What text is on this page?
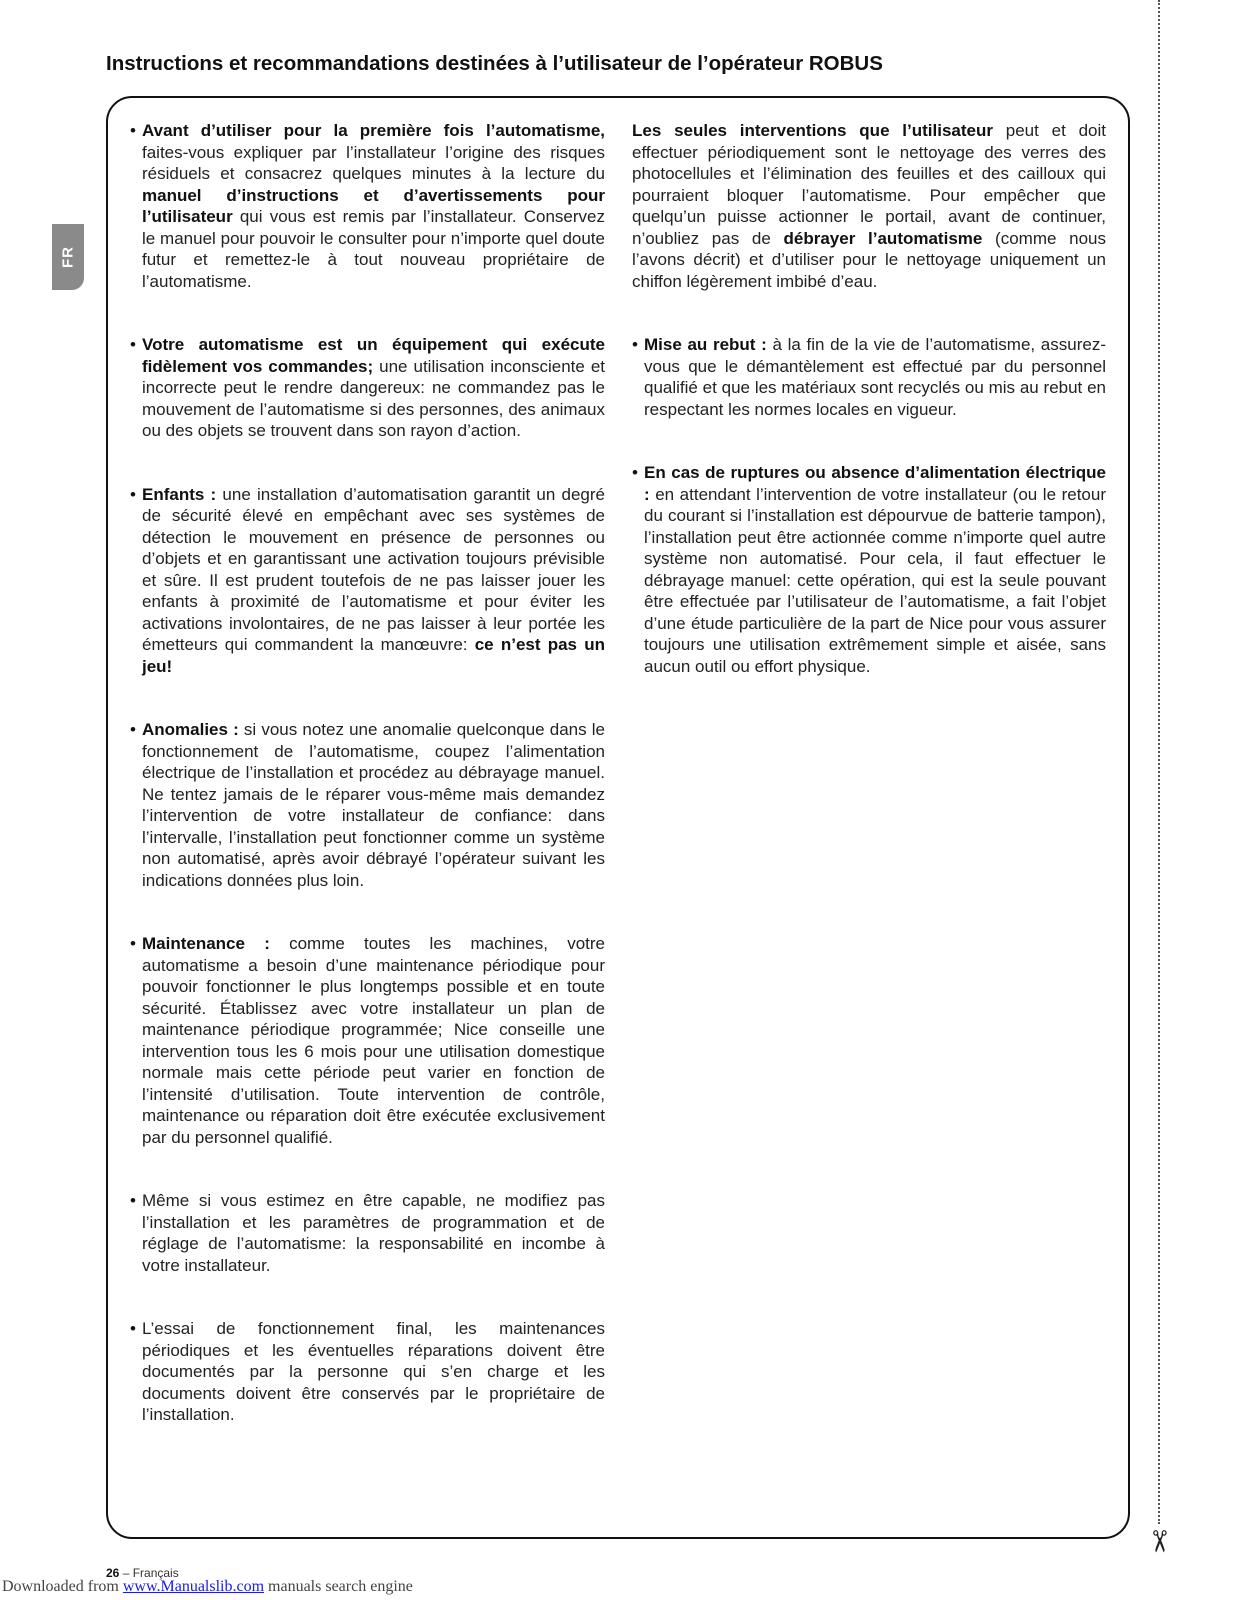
Instructions et recommandations destinées à l’utilisateur de l’opérateur ROBUS
FR

• Avant d’utiliser pour la première fois l’automatisme, faites-vous expliquer par l’installateur l’origine des risques résiduels et consacrez quelques minutes à la lecture du manuel d’instructions et d’avertissements pour l’utilisateur qui vous est remis par l’installateur. Conservez le manuel pour pouvoir le consulter pour n’importe quel doute futur et remettez-le à tout nouveau propriétaire de l’automatisme.

• Votre automatisme est un équipement qui exécute fidèlement vos commandes; une utilisation inconsciente et incorrecte peut le rendre dangereux: ne commandez pas le mouvement de l’automatisme si des personnes, des animaux ou des objets se trouvent dans son rayon d’action.

• Enfants : une installation d’automatisation garantit un degré de sécurité élevé en empêchant avec ses systèmes de détection le mouvement en présence de personnes ou d’objets et en garantissant une activation toujours prévisible et sûre. Il est prudent toutefois de ne pas laisser jouer les enfants à proximité de l’automatisme et pour éviter les activations involontaires, de ne pas laisser à leur portée les émetteurs qui commandent la manœuvre: ce n’est pas un jeu!

• Anomalies : si vous notez une anomalie quelconque dans le fonctionnement de l’automatisme, coupez l’alimentation électrique de l’installation et procédez au débrayage manuel. Ne tentez jamais de le réparer vous-même mais demandez l’intervention de votre installateur de confiance: dans l’intervalle, l’installation peut fonctionner comme un système non automatisé, après avoir débrayé l’opérateur suivant les indications données plus loin.

• Maintenance : comme toutes les machines, votre automatisme a besoin d’une maintenance périodique pour pouvoir fonctionner le plus longtemps possible et en toute sécurité. Établissez avec votre installateur un plan de maintenance périodique programmée; Nice conseille une intervention tous les 6 mois pour une utilisation domestique normale mais cette période peut varier en fonction de l’intensité d’utilisation. Toute intervention de contrôle, maintenance ou réparation doit être exécutée exclusivement par du personnel qualifié.

• Même si vous estimez en être capable, ne modifiez pas l’installation et les paramètres de programmation et de réglage de l’automatisme: la responsabilité en incombe à votre installateur.

• L’essai de fonctionnement final, les maintenances périodiques et les éventuelles réparations doivent être documentés par la personne qui s’en charge et les documents doivent être conservés par le propriétaire de l’installation.

Les seules interventions que l’utilisateur peut et doit effectuer périodiquement sont le nettoyage des verres des photocellules et l’élimination des feuilles et des cailloux qui pourraient bloquer l’automatisme. Pour empêcher que quelqu’un puisse actionner le portail, avant de continuer, n’oubliez pas de débrayer l’automatisme (comme nous l’avons décrit) et d’utiliser pour le nettoyage uniquement un chiffon légèrement imbibé d’eau.

• Mise au rebut : à la fin de la vie de l’automatisme, assurez-vous que le démantèlement est effectué par du personnel qualifié et que les matériaux sont recyclés ou mis au rebut en respectant les normes locales en vigueur.

• En cas de ruptures ou absence d’alimentation électrique : en attendant l’intervention de votre installateur (ou le retour du courant si l’installation est dépourvue de batterie tampon), l’installation peut être actionnée comme n’importe quel autre système non automatisé. Pour cela, il faut effectuer le débrayage manuel: cette opération, qui est la seule pouvant être effectuée par l’utilisateur de l’automatisme, a fait l’objet d’une étude particulière de la part de Nice pour vous assurer toujours une utilisation extrêmement simple et aisée, sans aucun outil ou effort physique.

✂
26 – Français
Downloaded from www.Manualslib.com manuals search engine
